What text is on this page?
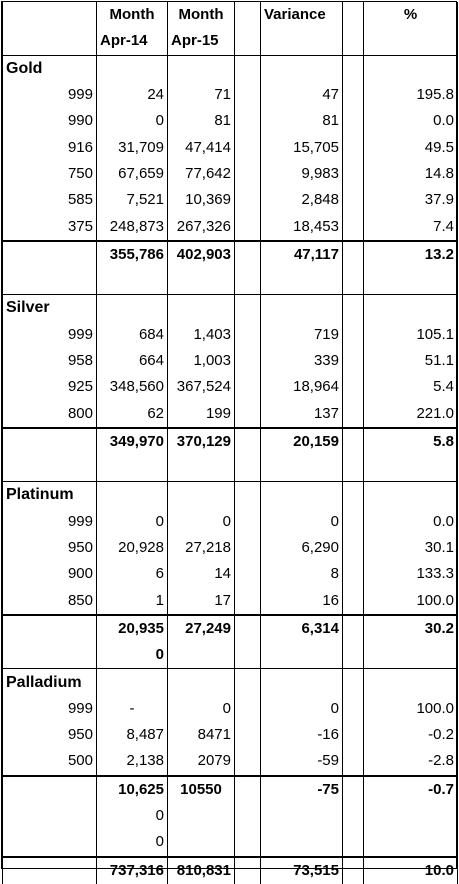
	Month	Month		Variance		%
	Apr-14	Apr-15				
Gold						
999	24	71		47		195.8
990	0	81		81		0.0
916	31,709	47,414		15,705		49.5
750	67,659	77,642		9,983		14.8
585	7,521	10,369		2,848		37.9
375	248,873	267,326		18,453		7.4
	355,786	402,903		47,117		13.2

Silver						
999	684	1,403		719		105.1
958	664	1,003		339		51.1
925	348,560	367,524		18,964		5.4
800	62	199		137		221.0
	349,970	370,129		20,159		5.8

Platinum						
999	0	0		0		0.0
950	20,928	27,218		6,290		30.1
900	6	14		8		133.3
850	1	17		16		100.0
	20,935	27,249		6,314		30.2
	0					
Palladium						
999	-	0		0		100.0
950	8,487	8471		-16		-0.2
500	2,138	2079		-59		-2.8
	10,625	10550		-75		-0.7
	0					
	0					
	737,316	810,831		73,515		10.0
